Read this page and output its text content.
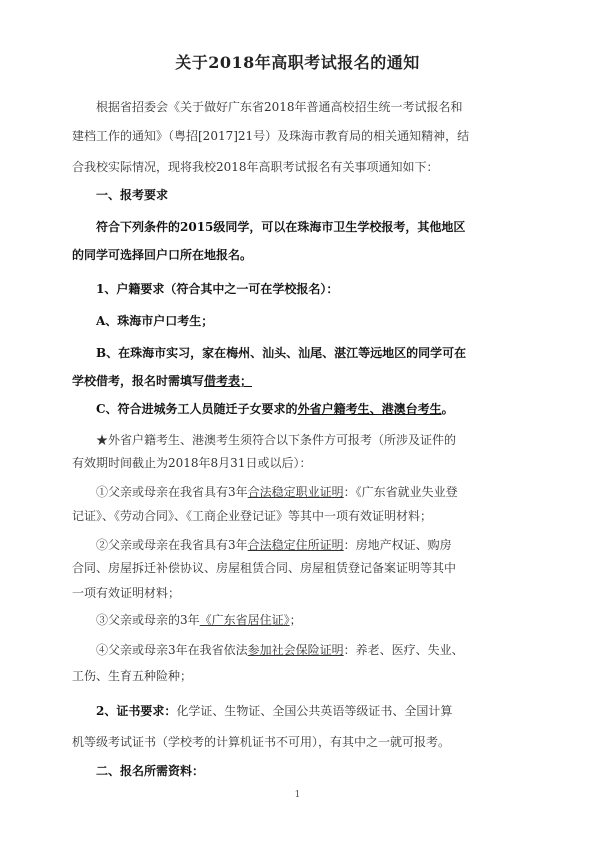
关于2018年高职考试报名的通知
根据省招委会《关于做好广东省2018年普通高校招生统一考试报名和
建档工作的通知》（粤招[2017]21号）及珠海市教育局的相关通知精神，结
合我校实际情况，现将我校2018年高职考试报名有关事项通知如下：
一、报考要求
符合下列条件的2015级同学，可以在珠海市卫生学校报考，其他地区
的同学可选择回户口所在地报名。
1、户籍要求（符合其中之一可在学校报名）：
A、珠海市户口考生；
B、在珠海市实习，家在梅州、汕头、汕尾、湛江等远地区的同学可在
学校借考，报名时需填写借考表；
C、符合进城务工人员随迁子女要求的外省户籍考生、港澳台考生。
★外省户籍考生、港澳考生须符合以下条件方可报考（所涉及证件的
有效期时间截止为2018年8月31日或以后）：
①父亲或母亲在我省具有3年合法稳定职业证明：《广东省就业失业登
记证》、《劳动合同》、《工商企业登记证》等其中一项有效证明材料；
②父亲或母亲在我省具有3年合法稳定住所证明：房地产权证、购房
合同、房屋拆迁补偿协议、房屋租赁合同、房屋租赁登记备案证明等其中
一项有效证明材料；
③父亲或母亲的3年《广东省居住证》；
④父亲或母亲3年在我省依法参加社会保险证明：养老、医疗、失业、
工伤、生育五种险种；
2、证书要求：化学证、生物证、全国公共英语等级证书、全国计算
机等级考试证书（学校考的计算机证书不可用），有其中之一就可报考。
二、报名所需资料：
1
